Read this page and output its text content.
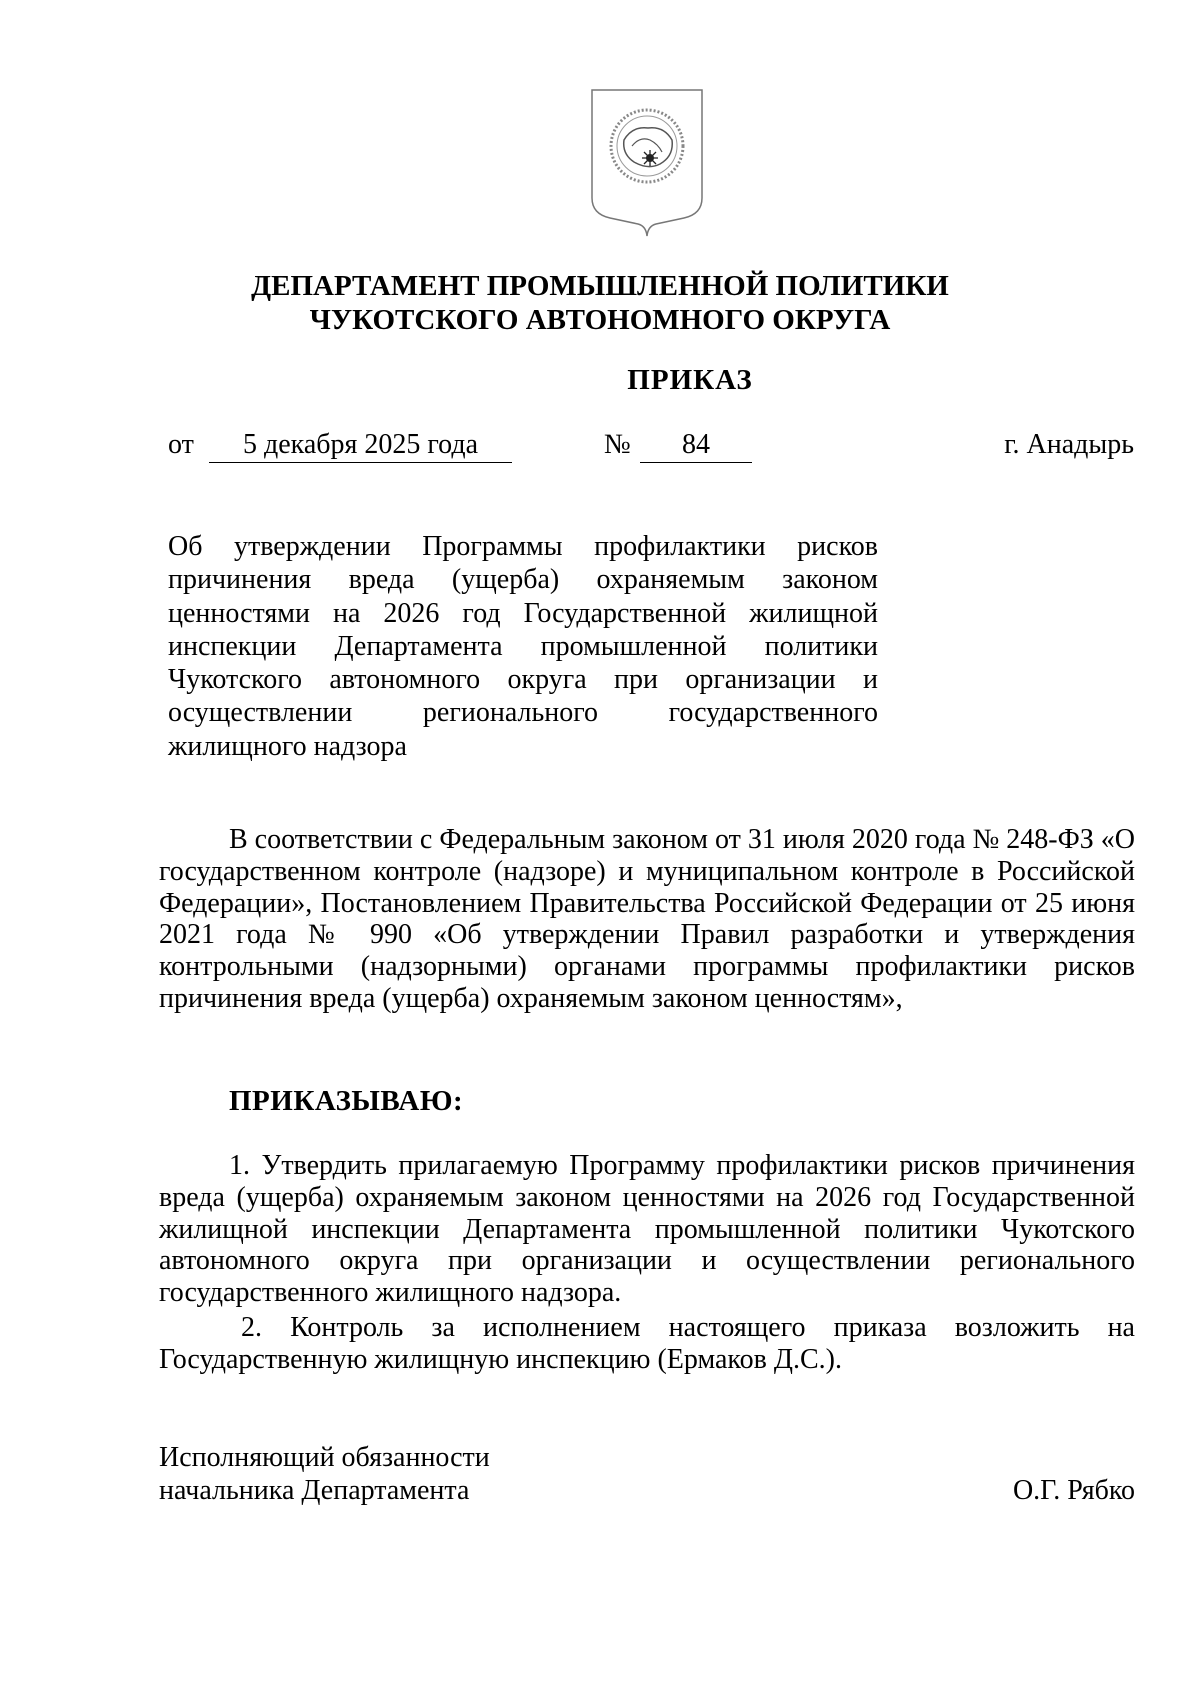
ДЕПАРТАМЕНТ ПРОМЫШЛЕННОЙ ПОЛИТИКИ
ЧУКОТСКОГО АВТОНОМНОГО ОКРУГА
ПРИКАЗ
от	5 декабря 2025 года	№	84	г. Анадырь
Об утверждении Программы профилактики рисков причинения вреда (ущерба) охраняемым законом ценностями на 2026 год Государственной жилищной инспекции Департамента промышленной политики Чукотского автономного округа при организации и осуществлении регионального государственного жилищного надзора
В соответствии с Федеральным законом от 31 июля 2020 года № 248-ФЗ «О государственном контроле (надзоре) и муниципальном контроле в Российской Федерации», Постановлением Правительства Российской Федерации от 25 июня 2021 года № 990 «Об утверждении Правил разработки и утверждения контрольными (надзорными) органами программы профилактики рисков причинения вреда (ущерба) охраняемым законом ценностям»,
ПРИКАЗЫВАЮ:
1. Утвердить прилагаемую Программу профилактики рисков причинения вреда (ущерба) охраняемым законом ценностями на 2026 год Государственной жилищной инспекции Департамента промышленной политики Чукотского автономного округа при организации и осуществлении регионального государственного жилищного надзора.
2. Контроль за исполнением настоящего приказа возложить на Государственную жилищную инспекцию (Ермаков Д.С.).
Исполняющий обязанности
начальника Департамента	О.Г. Рябко
